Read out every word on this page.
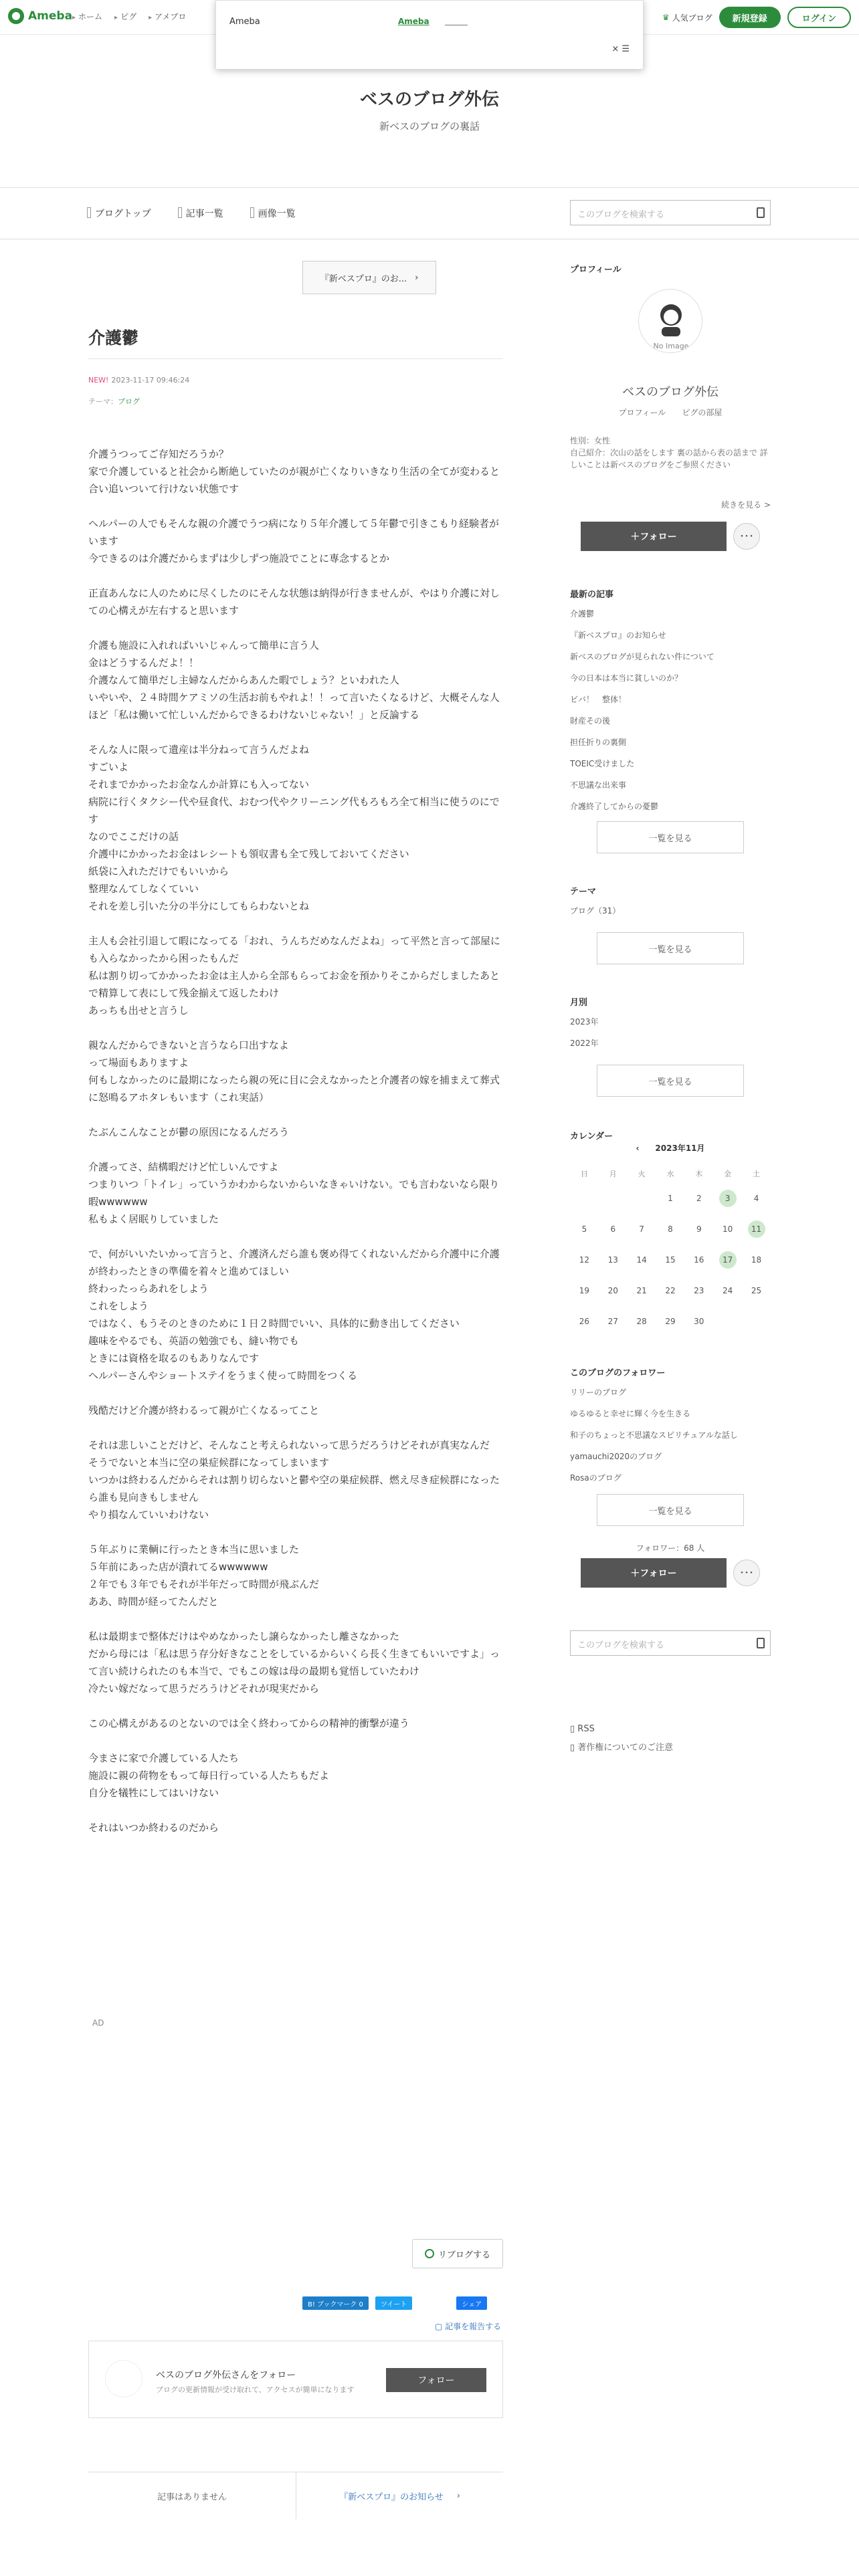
Ameba ▸ ホーム	▸ ピグ	▸ アメブロ	♛ 人気ブログ	新規登録	ログイン
Ameba	Ameba
× ☰
ベスのブログ外伝
新ベスのブログの裏話
ブログトップ	記事一覧	画像一覧	このブログを検索する
『新ベスプロ』のお... ›
介護鬱
NEW! 2023-11-17 09:46:24
テーマ：ブログ

介護うつってご存知だろうか？
家で介護していると社会から断絶していたのが親が亡くなりいきなり生活の全てが変わると合い追いついて行けない状態です

ヘルパーの人でもそんな親の介護でうつ病になり５年介護して５年鬱で引きこもり経験者がいます
今できるのは介護だからまずは少しずつ施設でことに専念するとか

正直あんなに人のために尽くしたのにそんな状態は納得が行きませんが、やはり介護に対しての心構えが左右すると思います

介護も施設に入れればいいじゃんって簡単に言う人
金はどうするんだよ！！
介護なんて簡単だし主婦なんだからあんた暇でしょう？といわれた人
いやいや、２４時間ケアミソの生活お前もやれよ！！って言いたくなるけど、大概そんな人ほど「私は働いて忙しいんだからできるわけないじゃない！」と反論する

そんな人に限って遺産は半分ねって言うんだよね
すごいよ
それまでかかったお金なんか計算にも入ってない
病院に行くタクシー代や昼食代、おむつ代やクリーニング代もろもろ全て相当に使うのにです
なのでここだけの話
介護中にかかったお金はレシートも領収書も全て残しておいてください
紙袋に入れただけでもいいから
整理なんてしなくていい
それを差し引いた分の半分にしてもらわないとね

主人も会社引退して暇になってる「おれ、うんちだめなんだよね」って平然と言って部屋にも入らなかったから困ったもんだ
私は割り切ってかかったお金は主人から全部もらってお金を預かりそこからだしましたあとで精算して表にして残金揃えて返したわけ
あっちも出せと言うし

親なんだからできないと言うなら口出すなよ
って場面もありますよ
何もしなかったのに最期になったら親の死に目に会えなかったと介護者の嫁を捕まえて葬式に怒鳴るアホタレもいます（これ実話）

たぶんこんなことが鬱の原因になるんだろう

介護ってさ、結構暇だけど忙しいんですよ
つまりいつ「トイレ」っていうかわからないからいなきゃいけない。でも言わないなら限り暇wwwwww
私もよく居眠りしていました

で、何がいいたいかって言うと、介護済んだら誰も褒め得てくれないんだから介護中に介護が終わったときの準備を着々と進めてほしい
終わったっらあれをしよう
これをしよう
ではなく、もうそのときのために１日２時間でいい、具体的に動き出してください
趣味をやるでも、英語の勉強でも、縫い物でも
ときには資格を取るのもありなんです
ヘルパーさんやショートステイをうまく使って時間をつくる

残酷だけど介護が終わるって親が亡くなるってこと

それは悲しいことだけど、そんなこと考えられないって思うだろうけどそれが真実なんだ
そうでないと本当に空の巣症候群になってしまいます
いつかは終わるんだからそれは割り切らないと鬱や空の巣症候群、燃え尽き症候群になったら誰も見向きもしません
やり損なんていいわけない

５年ぶりに業輌に行ったとき本当に思いました
５年前にあった店が潰れてるwwwwww
２年でも３年でもそれが半年だって時間が飛ぶんだ
ああ、時間が経ってたんだと

私は最期まで整体だけはやめなかったし譲らなかったし離さなかった
だから母には「私は思う存分好きなことをしているからいくら長く生きてもいいですよ」って言い続けられたのも本当で、でもこの嫁は母の最期も覚悟していたわけ
冷たい嫁だなって思うだろうけどそれが現実だから

この心構えがあるのとないのでは全く終わってからの精神的衝撃が違う

今まさに家で介護している人たち
施設に親の荷物をもって毎日行っている人たちもだよ
自分を犠牲にしてはいけない

それはいつか終わるのだから

AD
リブログする
B! ブックマーク 0	ツイート	シェア
▢ 記事を報告する
ベスのブログ外伝さんをフォロー
ブログの更新情報が受け取れて、アクセスが簡単になります
フォロー
記事はありません	『新ベスプロ』のお知らせ ›
プロフィール
No Image
ベスのブログ外伝
プロフィール　　ピグの部屋
性別：女性
自己紹介：次山の話をします 裏の話から表の話まで 詳しいことは新ベスのブログをご参照ください
続きを見る >
＋フォロー	･･･
最新の記事
介護鬱
『新ベスプロ』のお知らせ
新ベスのブログが見られない件について
今の日本は本当に貧しいのか？
ビバ！　整体！
財産その後
担任折りの裏側
TOEIC受けました
不思議な出来事
介護終了してからの憂鬱
一覧を見る
テーマ
ブログ（31）
一覧を見る
月別
2023年
2022年
一覧を見る
カレンダー
‹ 2023年11月
日	月	火	水	木	金	土
			1	2	3	4
5	6	7	8	9	10	11
12	13	14	15	16	17	18
19	20	21	22	23	24	25
26	27	28	29	30		
このブログのフォロワー
リリーのブログ
ゆるゆると幸せに輝く今を生きる
和子のちょっと不思議なスピリチュアルな話し
yamauchi2020のブログ
Rosaのブログ
一覧を見る
フォロワー：68 人
＋フォロー	･･･
このブログを検索する
▯ RSS
▯ 著作権についてのご注意
